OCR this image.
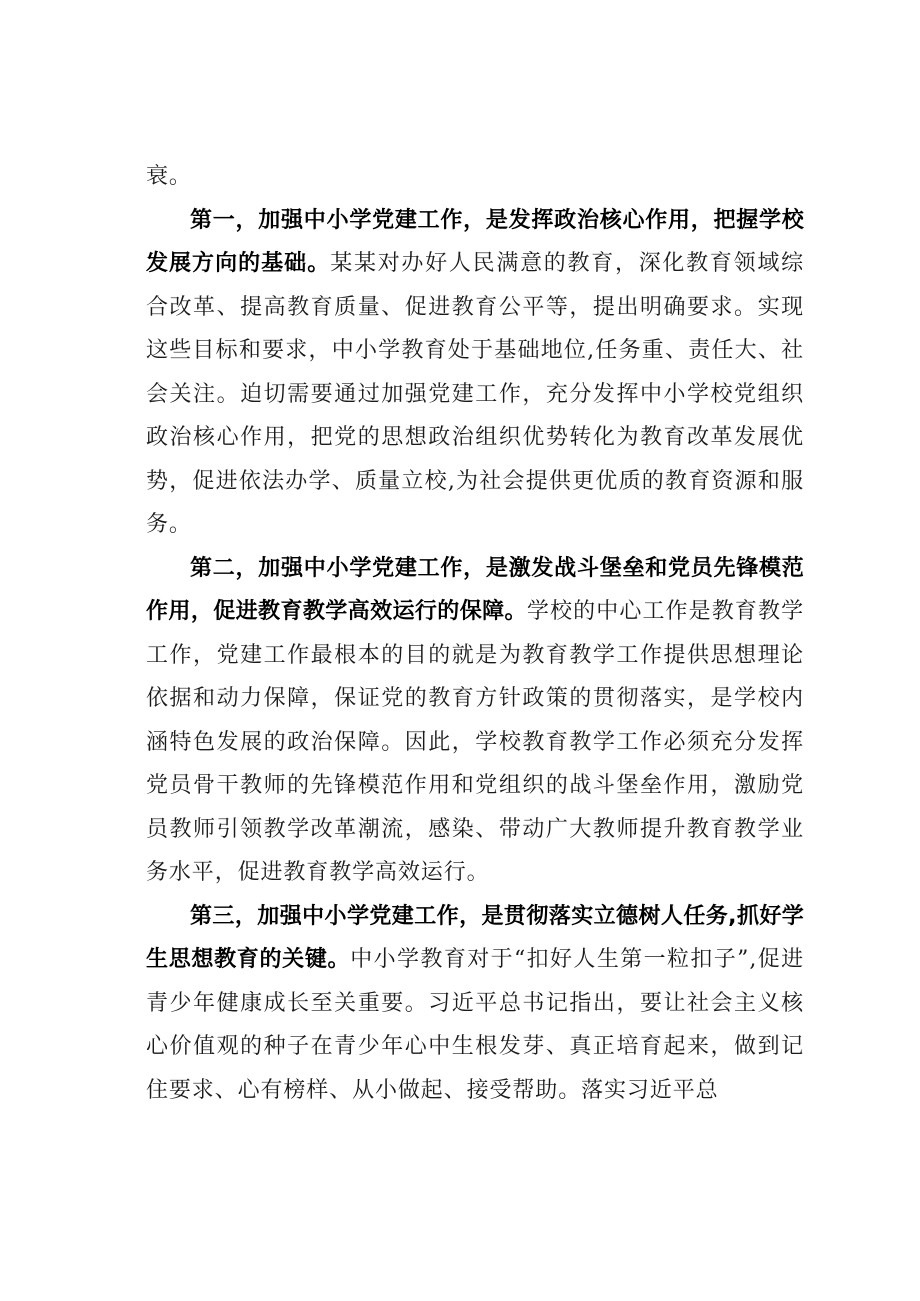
衰。

第一，加强中小学党建工作，是发挥政治核心作用，把握学校发展方向的基础。某某对办好人民满意的教育，深化教育领域综合改革、提高教育质量、促进教育公平等，提出明确要求。实现这些目标和要求，中小学教育处于基础地位,任务重、责任大、社会关注。迫切需要通过加强党建工作，充分发挥中小学校党组织政治核心作用，把党的思想政治组织优势转化为教育改革发展优势，促进依法办学、质量立校,为社会提供更优质的教育资源和服务。

第二，加强中小学党建工作，是激发战斗堡垒和党员先锋模范作用，促进教育教学高效运行的保障。学校的中心工作是教育教学工作，党建工作最根本的目的就是为教育教学工作提供思想理论依据和动力保障，保证党的教育方针政策的贯彻落实，是学校内涵特色发展的政治保障。因此，学校教育教学工作必须充分发挥党员骨干教师的先锋模范作用和党组织的战斗堡垒作用，激励党员教师引领教学改革潮流，感染、带动广大教师提升教育教学业务水平，促进教育教学高效运行。

第三，加强中小学党建工作，是贯彻落实立德树人任务,抓好学生思想教育的关键。中小学教育对于“扣好人生第一粒扣子”,促进青少年健康成长至关重要。习近平总书记指出，要让社会主义核心价值观的种子在青少年心中生根发芽、真正培育起来，做到记住要求、心有榜样、从小做起、接受帮助。落实习近平总
